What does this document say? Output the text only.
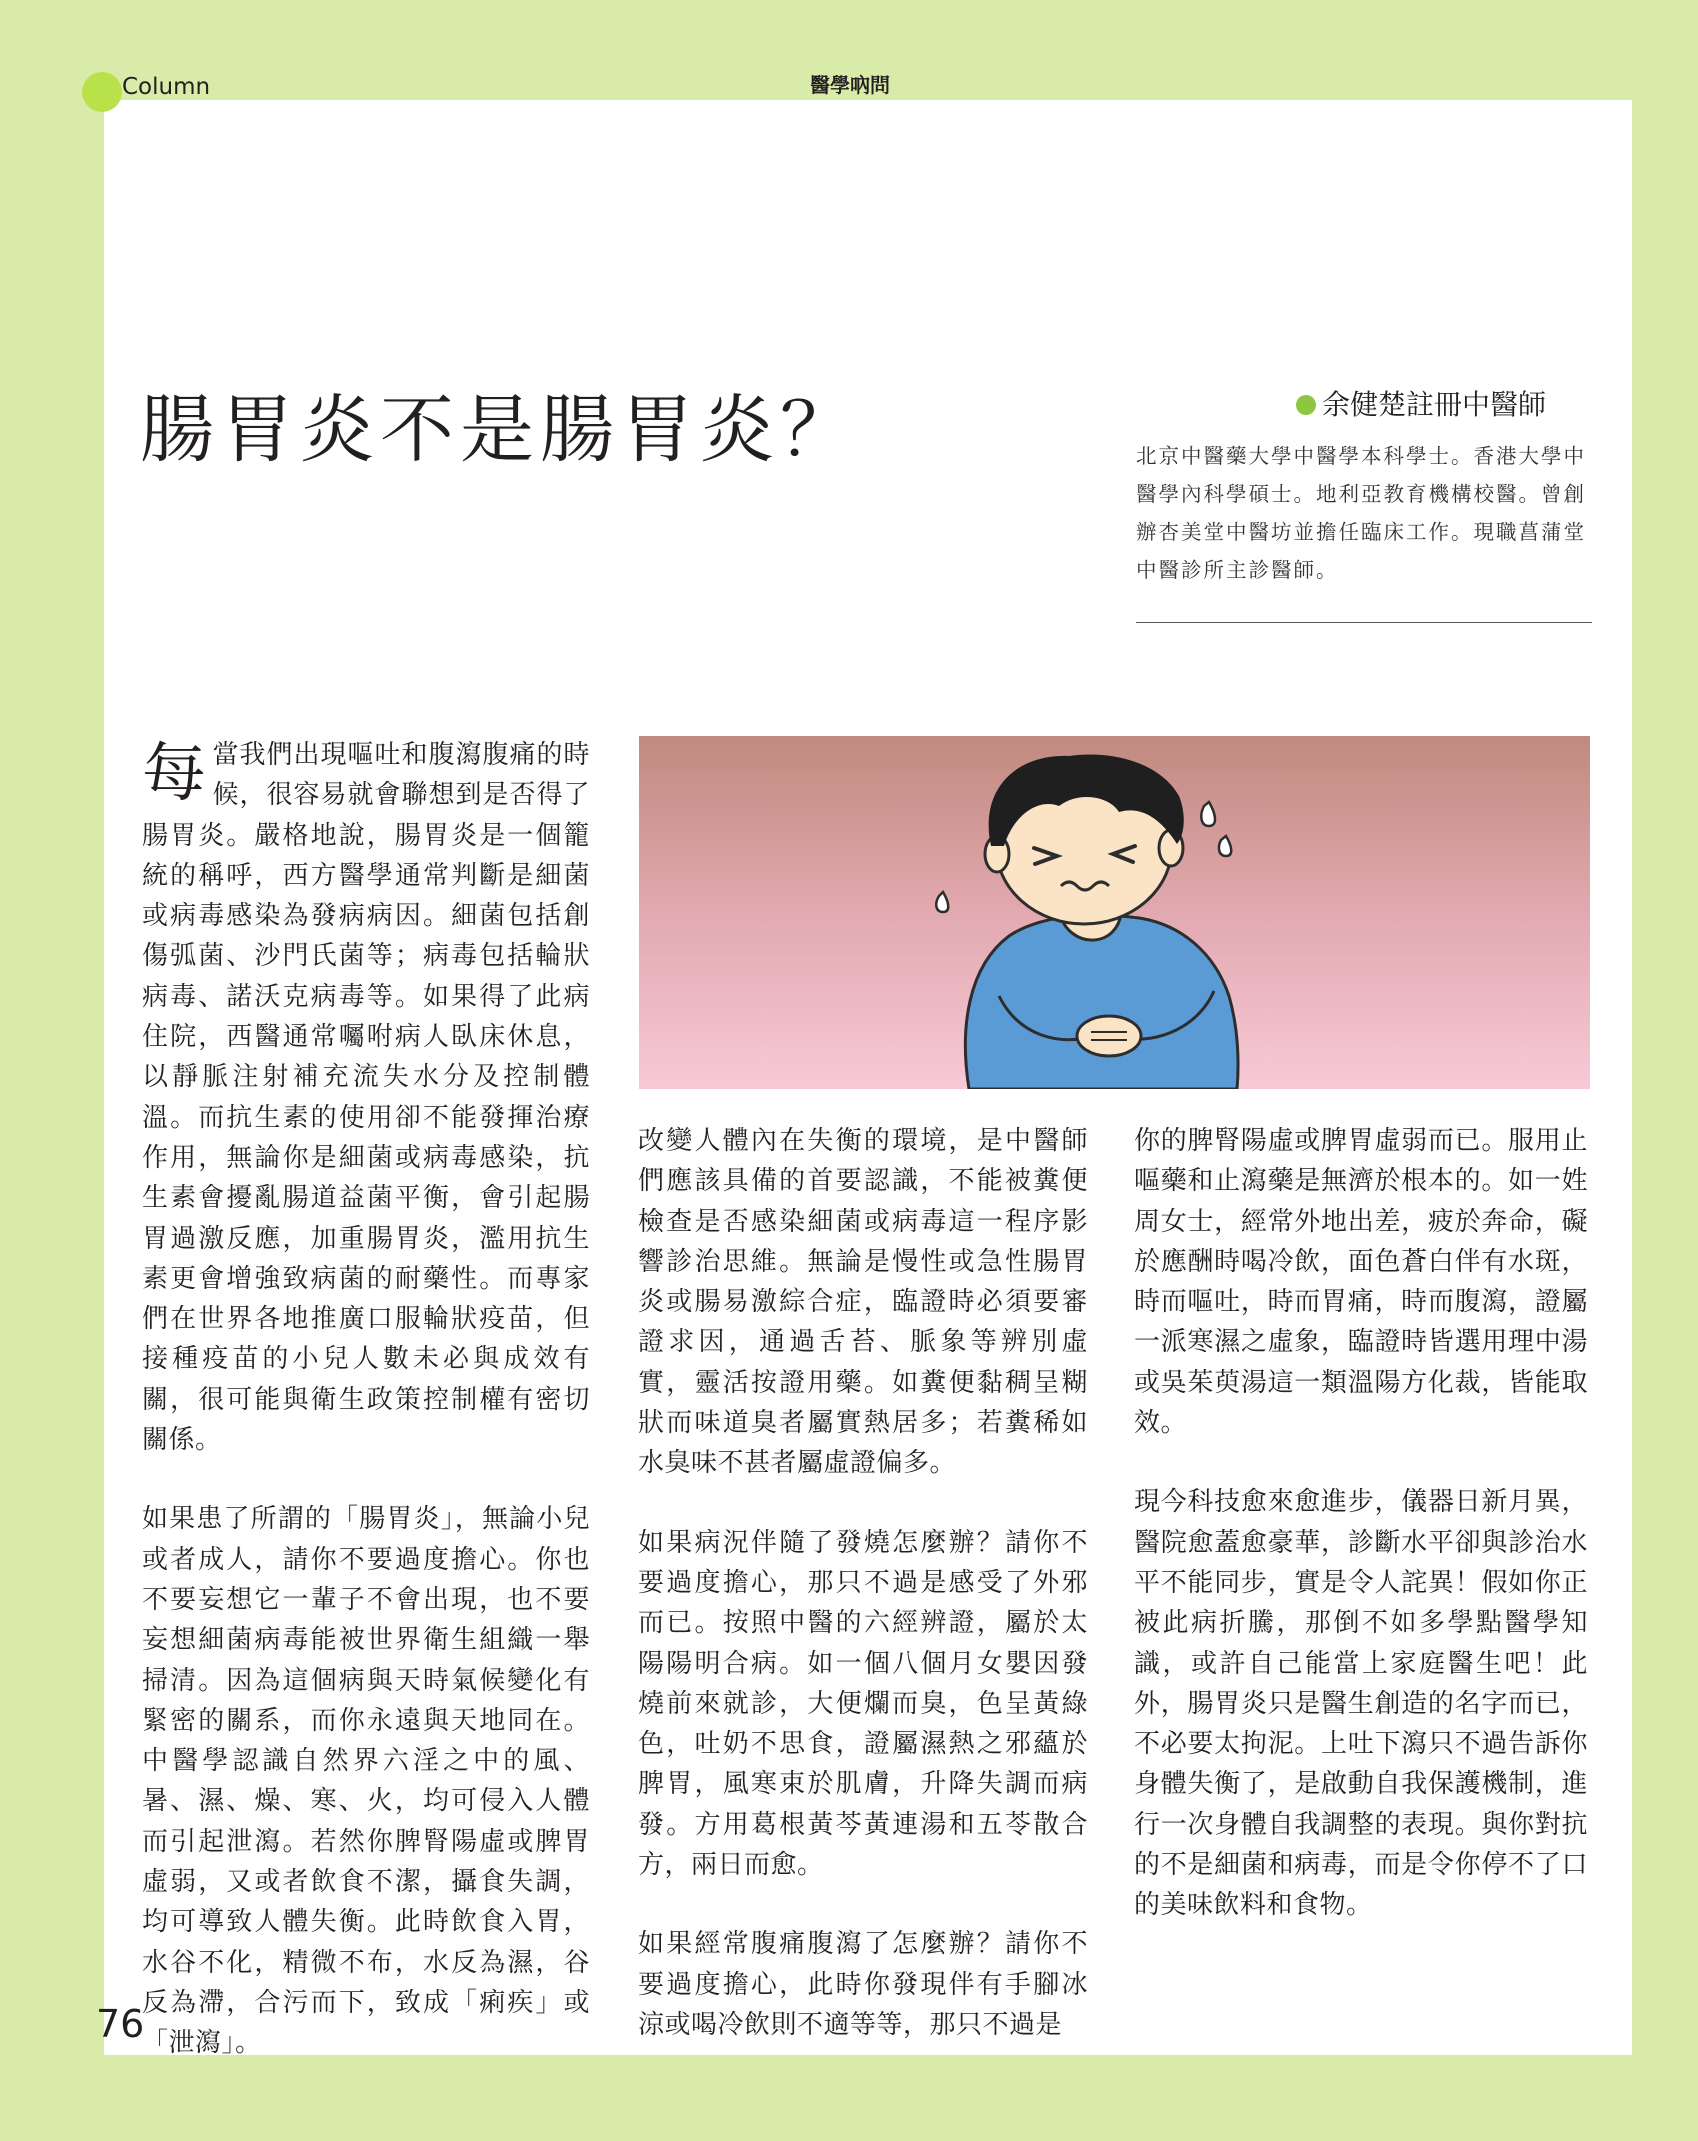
Column	醫學吶問
腸胃炎不是腸胃炎？	余健楚註冊中醫師
北京中醫藥大學中醫學本科學士。香港大學中醫學內科學碩士。地利亞教育機構校醫。曾創辦杏美堂中醫坊並擔任臨床工作。現職菖蒲堂中醫診所主診醫師。

每當我們出現嘔吐和腹瀉腹痛的時候，很容易就會聯想到是否得了腸胃炎。嚴格地說，腸胃炎是一個籠統的稱呼，西方醫學通常判斷是細菌或病毒感染為發病病因。細菌包括創傷弧菌、沙門氏菌等；病毒包括輪狀病毒、諾沃克病毒等。如果得了此病住院，西醫通常囑咐病人臥床休息，以靜脈注射補充流失水分及控制體溫。而抗生素的使用卻不能發揮治療作用，無論你是細菌或病毒感染，抗生素會擾亂腸道益菌平衡，會引起腸胃過激反應，加重腸胃炎，濫用抗生素更會增強致病菌的耐藥性。而專家們在世界各地推廣口服輪狀疫苗，但接種疫苗的小兒人數未必與成效有關，很可能與衛生政策控制權有密切關係。

如果患了所謂的「腸胃炎」，無論小兒或者成人，請你不要過度擔心。你也不要妄想它一輩子不會出現，也不要妄想細菌病毒能被世界衛生組織一舉掃清。因為這個病與天時氣候變化有緊密的關系，而你永遠與天地同在。中醫學認識自然界六淫之中的風、暑、濕、燥、寒、火，均可侵入人體而引起泄瀉。若然你脾腎陽虛或脾胃虛弱，又或者飲食不潔，攝食失調，均可導致人體失衡。此時飲食入胃，水谷不化，精微不布，水反為濕，谷反為滯，合污而下，致成「痢疾」或「泄瀉」。

改變人體內在失衡的環境，是中醫師們應該具備的首要認識，不能被糞便檢查是否感染細菌或病毒這一程序影響診治思維。無論是慢性或急性腸胃炎或腸易激綜合症，臨證時必須要審證求因，通過舌苔、脈象等辨別虛實，靈活按證用藥。如糞便黏稠呈糊狀而味道臭者屬實熱居多；若糞稀如水臭味不甚者屬虛證偏多。

如果病況伴隨了發燒怎麼辦？請你不要過度擔心，那只不過是感受了外邪而已。按照中醫的六經辨證，屬於太陽陽明合病。如一個八個月女嬰因發燒前來就診，大便爛而臭，色呈黃綠色，吐奶不思食，證屬濕熱之邪蘊於脾胃，風寒束於肌膚，升降失調而病發。方用葛根黃芩黃連湯和五苓散合方，兩日而愈。

如果經常腹痛腹瀉了怎麼辦？請你不要過度擔心，此時你發現伴有手腳冰涼或喝冷飲則不適等等，那只不過是

你的脾腎陽虛或脾胃虛弱而已。服用止嘔藥和止瀉藥是無濟於根本的。如一姓周女士，經常外地出差，疲於奔命，礙於應酬時喝冷飲，面色蒼白伴有水斑，時而嘔吐，時而胃痛，時而腹瀉，證屬一派寒濕之虛象，臨證時皆選用理中湯或吳茱萸湯這一類溫陽方化裁，皆能取效。

現今科技愈來愈進步，儀器日新月異，醫院愈蓋愈豪華，診斷水平卻與診治水平不能同步，實是令人詫異！假如你正被此病折騰，那倒不如多學點醫學知識，或許自己能當上家庭醫生吧！此外，腸胃炎只是醫生創造的名字而已，不必要太拘泥。上吐下瀉只不過告訴你身體失衡了，是啟動自我保護機制，進行一次身體自我調整的表現。與你對抗的不是細菌和病毒，而是令你停不了口的美味飲料和食物。

76
